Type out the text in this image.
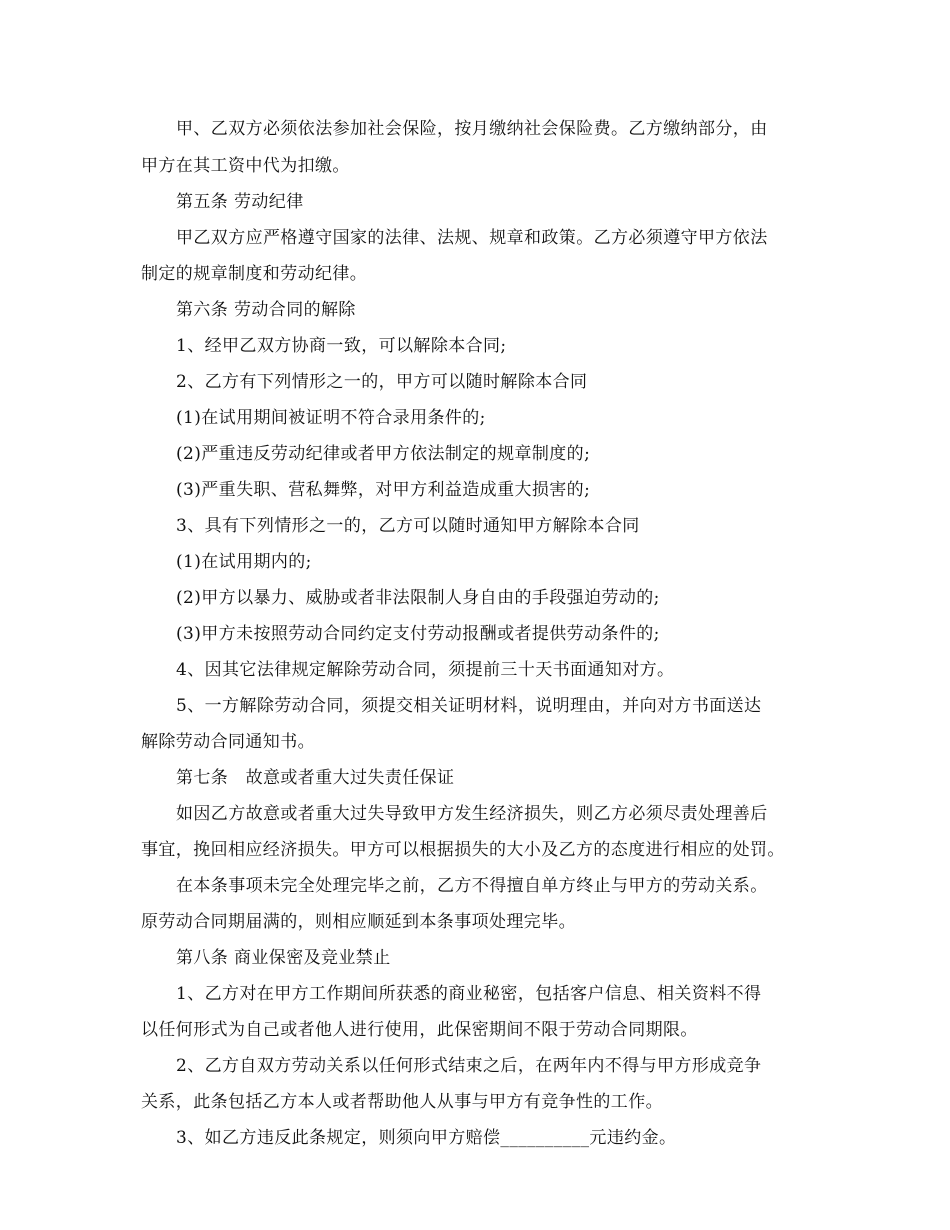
甲、乙双方必须依法参加社会保险，按月缴纳社会保险费。乙方缴纳部分，由
甲方在其工资中代为扣缴。
第五条 劳动纪律
甲乙双方应严格遵守国家的法律、法规、规章和政策。乙方必须遵守甲方依法
制定的规章制度和劳动纪律。
第六条 劳动合同的解除
1、经甲乙双方协商一致，可以解除本合同;
2、乙方有下列情形之一的，甲方可以随时解除本合同
(1)在试用期间被证明不符合录用条件的;
(2)严重违反劳动纪律或者甲方依法制定的规章制度的;
(3)严重失职、营私舞弊，对甲方利益造成重大损害的;
3、具有下列情形之一的，乙方可以随时通知甲方解除本合同
(1)在试用期内的;
(2)甲方以暴力、威胁或者非法限制人身自由的手段强迫劳动的;
(3)甲方未按照劳动合同约定支付劳动报酬或者提供劳动条件的;
4、因其它法律规定解除劳动合同，须提前三十天书面通知对方。
5、一方解除劳动合同，须提交相关证明材料，说明理由，并向对方书面送达
解除劳动合同通知书。
第七条　故意或者重大过失责任保证
如因乙方故意或者重大过失导致甲方发生经济损失，则乙方必须尽责处理善后
事宜，挽回相应经济损失。甲方可以根据损失的大小及乙方的态度进行相应的处罚。
在本条事项未完全处理完毕之前，乙方不得擅自单方终止与甲方的劳动关系。
原劳动合同期届满的，则相应顺延到本条事项处理完毕。
第八条 商业保密及竞业禁止
1、乙方对在甲方工作期间所获悉的商业秘密，包括客户信息、相关资料不得
以任何形式为自己或者他人进行使用，此保密期间不限于劳动合同期限。
2、乙方自双方劳动关系以任何形式结束之后，在两年内不得与甲方形成竞争
关系，此条包括乙方本人或者帮助他人从事与甲方有竞争性的工作。
3、如乙方违反此条规定，则须向甲方赔偿__________元违约金。
